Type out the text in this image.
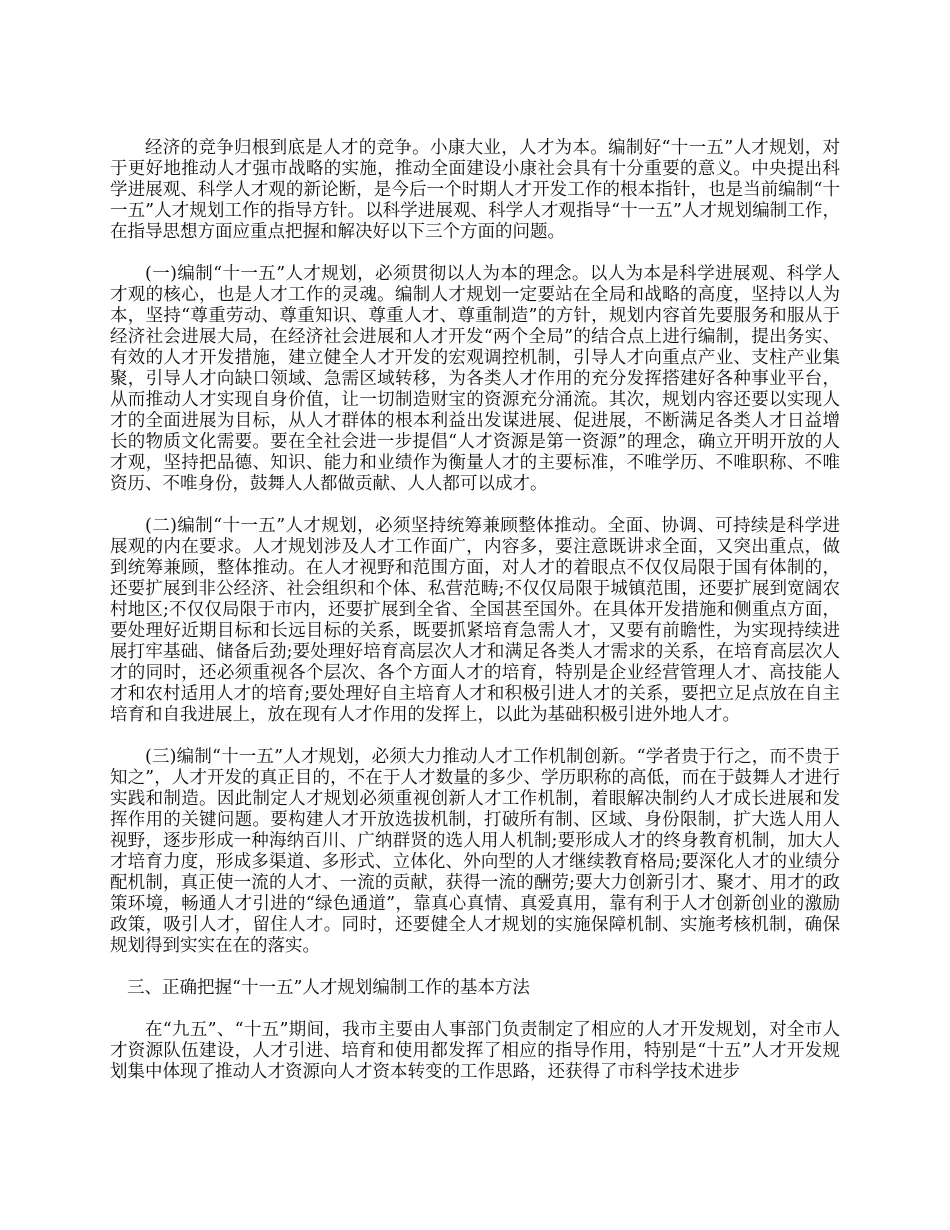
经济的竞争归根到底是人才的竞争。小康大业，人才为本。编制好“十一五”人才规划，对于更好地推动人才强市战略的实施，推动全面建设小康社会具有十分重要的意义。中央提出科学进展观、科学人才观的新论断，是今后一个时期人才开发工作的根本指针，也是当前编制“十一五”人才规划工作的指导方针。以科学进展观、科学人才观指导“十一五”人才规划编制工作，在指导思想方面应重点把握和解决好以下三个方面的问题。

(一)编制“十一五”人才规划，必须贯彻以人为本的理念。以人为本是科学进展观、科学人才观的核心，也是人才工作的灵魂。编制人才规划一定要站在全局和战略的高度，坚持以人为本，坚持“尊重劳动、尊重知识、尊重人才、尊重制造”的方针，规划内容首先要服务和服从于经济社会进展大局，在经济社会进展和人才开发“两个全局”的结合点上进行编制，提出务实、有效的人才开发措施，建立健全人才开发的宏观调控机制，引导人才向重点产业、支柱产业集聚，引导人才向缺口领域、急需区域转移，为各类人才作用的充分发挥搭建好各种事业平台，从而推动人才实现自身价值，让一切制造财宝的资源充分涌流。其次，规划内容还要以实现人才的全面进展为目标，从人才群体的根本利益出发谋进展、促进展，不断满足各类人才日益增长的物质文化需要。要在全社会进一步提倡“人才资源是第一资源”的理念，确立开明开放的人才观，坚持把品德、知识、能力和业绩作为衡量人才的主要标准，不唯学历、不唯职称、不唯资历、不唯身份，鼓舞人人都做贡献、人人都可以成才。

(二)编制“十一五”人才规划，必须坚持统筹兼顾整体推动。全面、协调、可持续是科学进展观的内在要求。人才规划涉及人才工作面广，内容多，要注意既讲求全面，又突出重点，做到统筹兼顾，整体推动。在人才视野和范围方面，对人才的着眼点不仅仅局限于国有体制的，还要扩展到非公经济、社会组织和个体、私营范畴;不仅仅局限于城镇范围，还要扩展到宽阔农村地区;不仅仅局限于市内，还要扩展到全省、全国甚至国外。在具体开发措施和侧重点方面，要处理好近期目标和长远目标的关系，既要抓紧培育急需人才，又要有前瞻性，为实现持续进展打牢基础、储备后劲;要处理好培育高层次人才和满足各类人才需求的关系，在培育高层次人才的同时，还必须重视各个层次、各个方面人才的培育，特别是企业经营管理人才、高技能人才和农村适用人才的培育;要处理好自主培育人才和积极引进人才的关系，要把立足点放在自主培育和自我进展上，放在现有人才作用的发挥上，以此为基础积极引进外地人才。

(三)编制“十一五”人才规划，必须大力推动人才工作机制创新。“学者贵于行之，而不贵于知之”，人才开发的真正目的，不在于人才数量的多少、学历职称的高低，而在于鼓舞人才进行实践和制造。因此制定人才规划必须重视创新人才工作机制，着眼解决制约人才成长进展和发挥作用的关键问题。要构建人才开放选拔机制，打破所有制、区域、身份限制，扩大选人用人视野，逐步形成一种海纳百川、广纳群贤的选人用人机制;要形成人才的终身教育机制，加大人才培育力度，形成多渠道、多形式、立体化、外向型的人才继续教育格局;要深化人才的业绩分配机制，真正使一流的人才、一流的贡献，获得一流的酬劳;要大力创新引才、聚才、用才的政策环境，畅通人才引进的“绿色通道”，靠真心真情、真爱真用，靠有利于人才创新创业的激励政策，吸引人才，留住人才。同时，还要健全人才规划的实施保障机制、实施考核机制，确保规划得到实实在在的落实。

三、正确把握“十一五”人才规划编制工作的基本方法

在“九五”、“十五”期间，我市主要由人事部门负责制定了相应的人才开发规划，对全市人才资源队伍建设，人才引进、培育和使用都发挥了相应的指导作用，特别是“十五”人才开发规划集中体现了推动人才资源向人才资本转变的工作思路，还获得了市科学技术进步
